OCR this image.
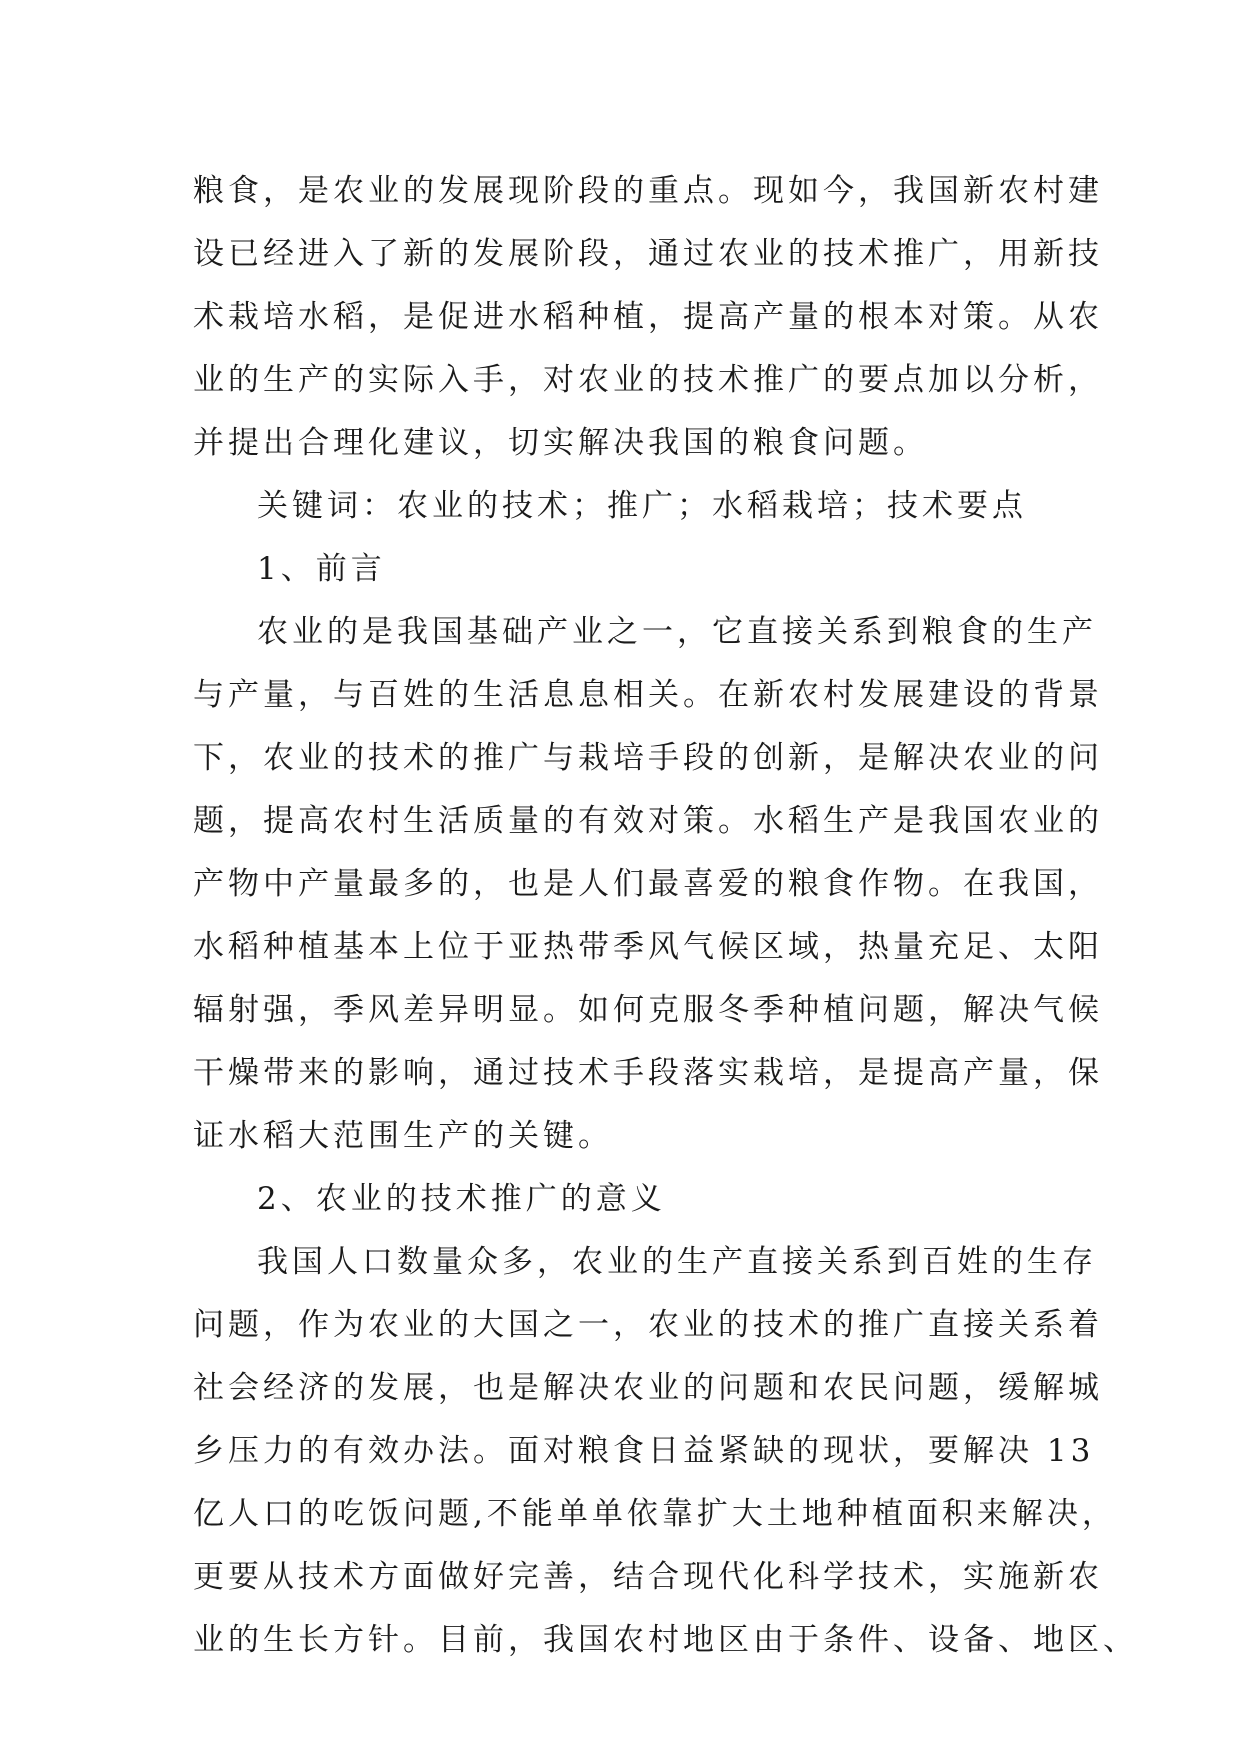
粮食，是农业的发展现阶段的重点。现如今，我国新农村建
设已经进入了新的发展阶段，通过农业的技术推广，用新技
术栽培水稻，是促进水稻种植，提高产量的根本对策。从农
业的生产的实际入手，对农业的技术推广的要点加以分析，
并提出合理化建议，切实解决我国的粮食问题。
关键词：农业的技术；推广；水稻栽培；技术要点
1、前言
农业的是我国基础产业之一，它直接关系到粮食的生产
与产量，与百姓的生活息息相关。在新农村发展建设的背景
下，农业的技术的推广与栽培手段的创新，是解决农业的问
题，提高农村生活质量的有效对策。水稻生产是我国农业的
产物中产量最多的，也是人们最喜爱的粮食作物。在我国，
水稻种植基本上位于亚热带季风气候区域，热量充足、太阳
辐射强，季风差异明显。如何克服冬季种植问题，解决气候
干燥带来的影响，通过技术手段落实栽培，是提高产量，保
证水稻大范围生产的关键。
2、农业的技术推广的意义
我国人口数量众多，农业的生产直接关系到百姓的生存
问题，作为农业的大国之一，农业的技术的推广直接关系着
社会经济的发展，也是解决农业的问题和农民问题，缓解城
乡压力的有效办法。面对粮食日益紧缺的现状，要解决 13
亿人口的吃饭问题,不能单单依靠扩大土地种植面积来解决，
更要从技术方面做好完善，结合现代化科学技术，实施新农
业的生长方针。目前，我国农村地区由于条件、设备、地区、
